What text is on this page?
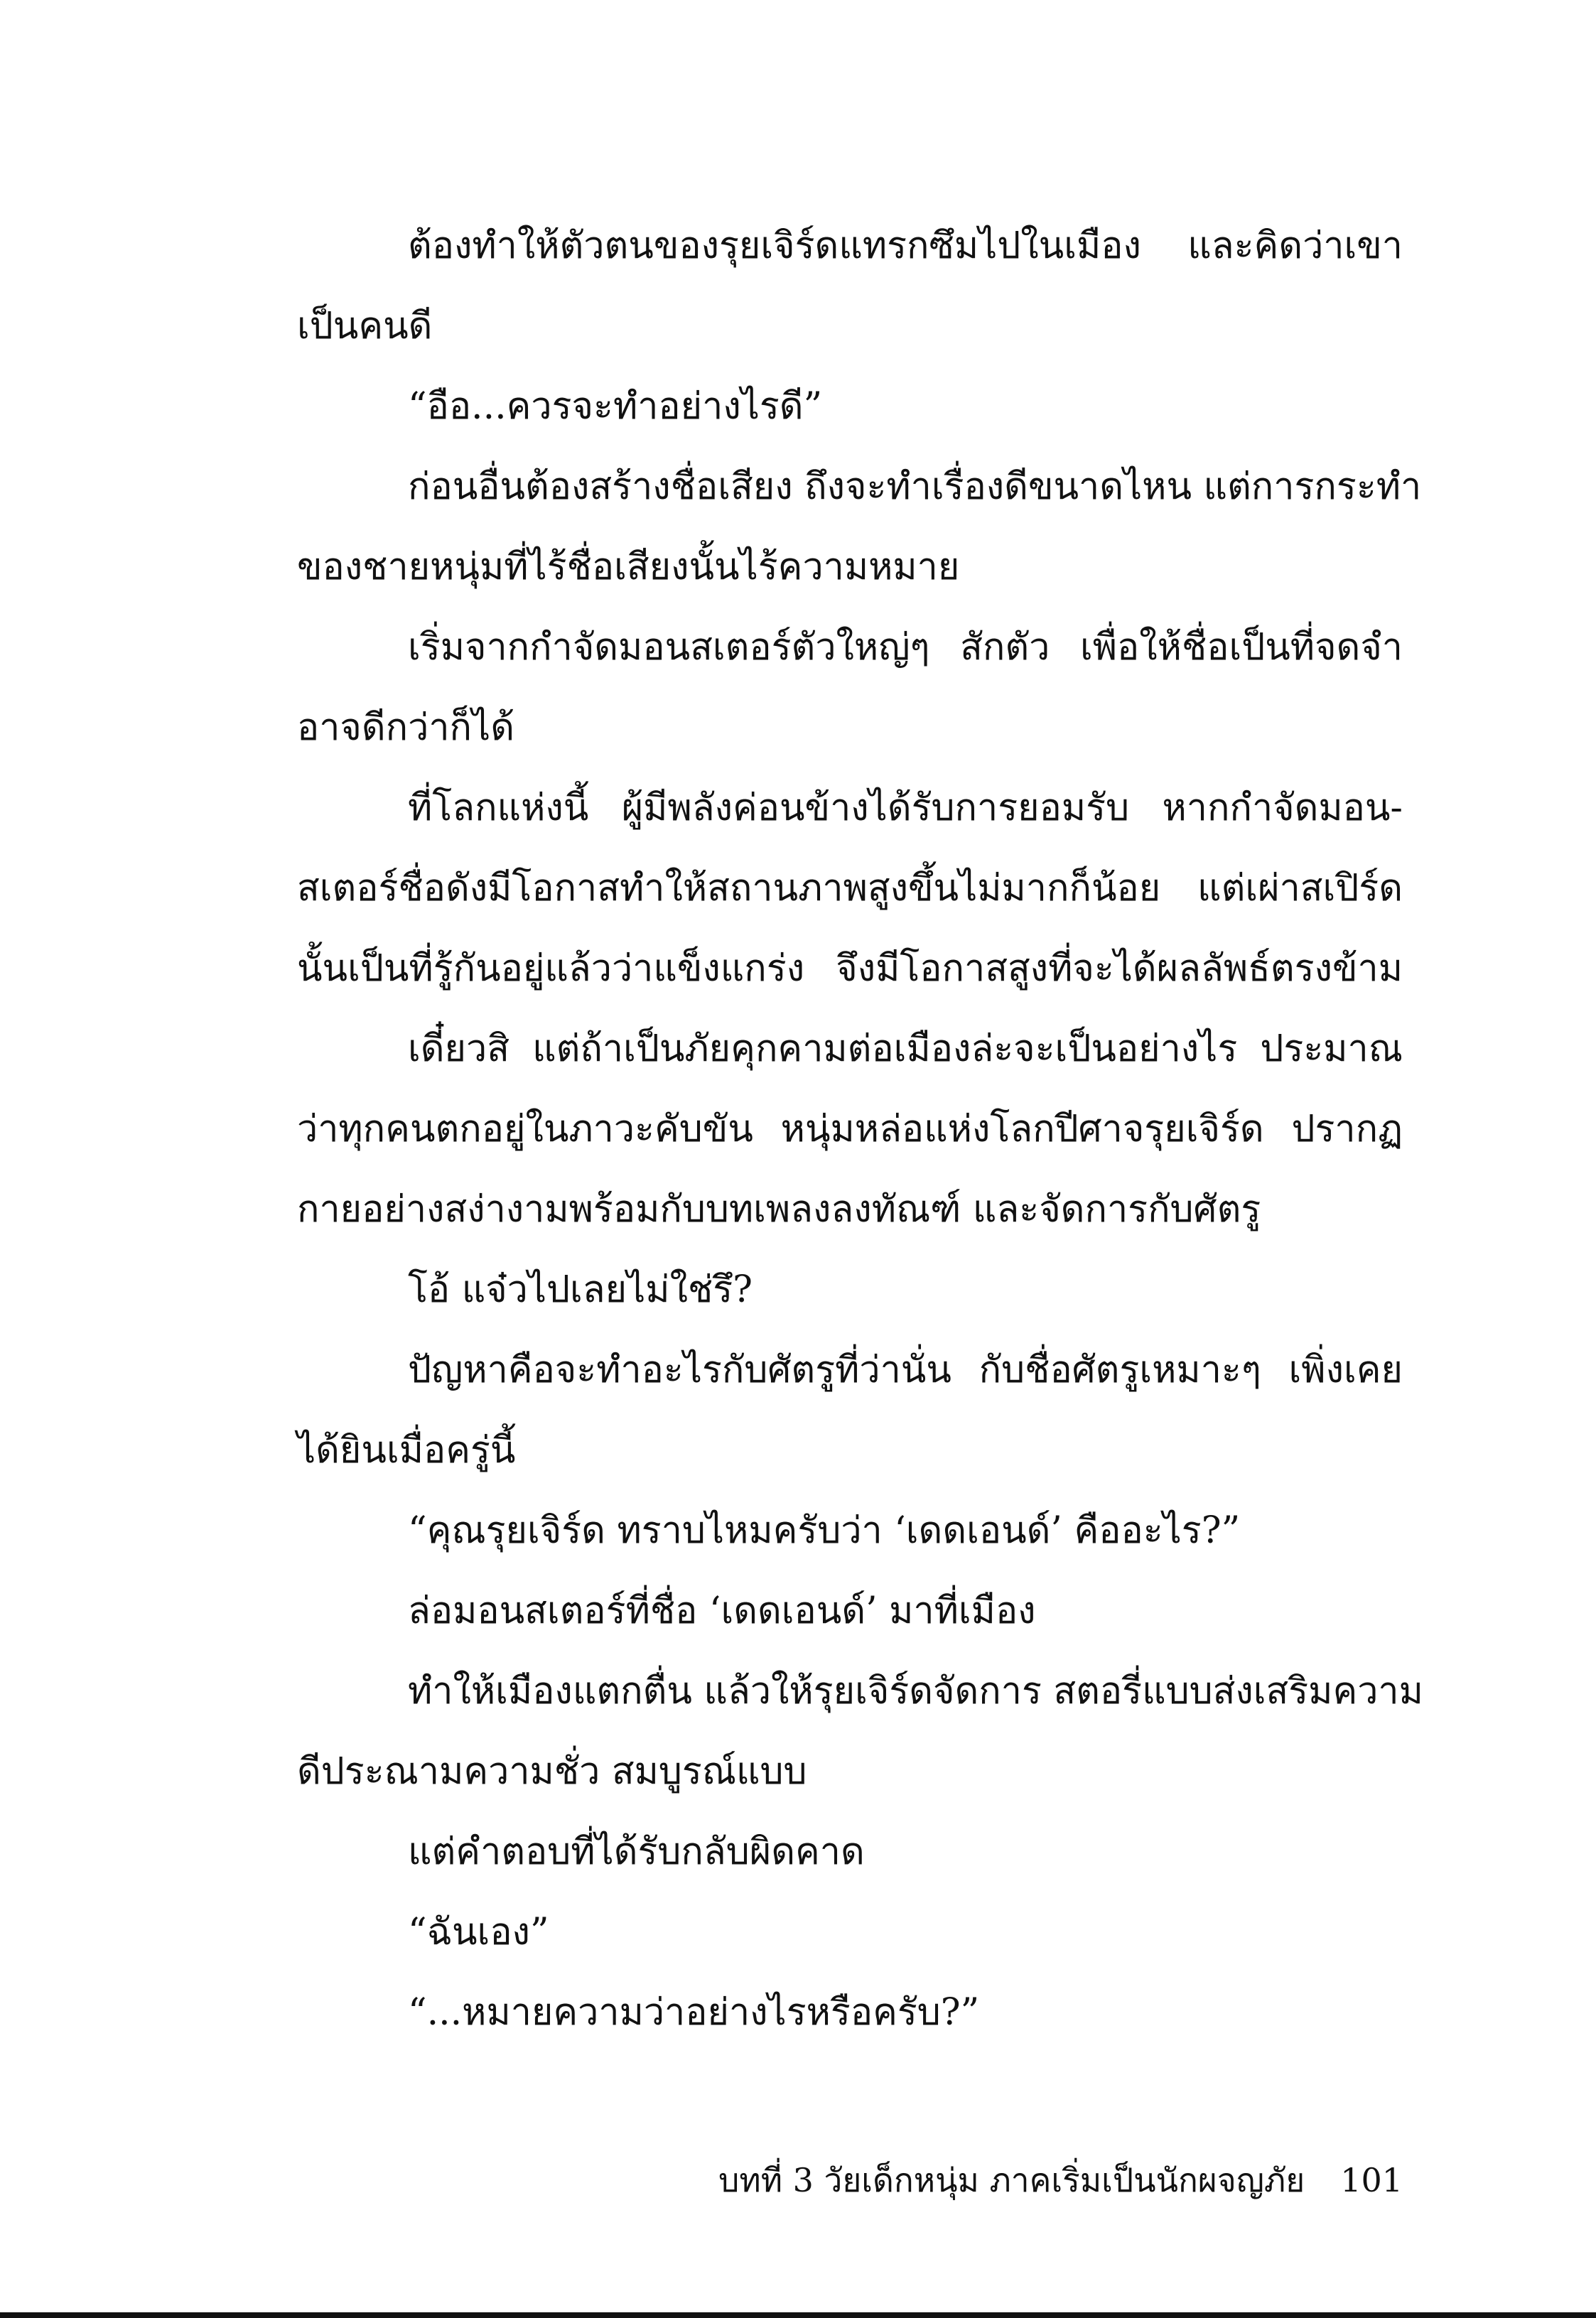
ต้องทำให้ตัวตนของรุยเจิร์ดแทรกซึมไปในเมือง และคิดว่าเขา
เป็นคนดี
“อือ...ควรจะทำอย่างไรดี”
ก่อนอื่นต้องสร้างชื่อเสียง ถึงจะทำเรื่องดีขนาดไหน แต่การกระทำ
ของชายหนุ่มที่ไร้ชื่อเสียงนั้นไร้ความหมาย
เริ่มจากกำจัดมอนสเตอร์ตัวใหญ่ๆ สักตัว เพื่อให้ชื่อเป็นที่จดจำ
อาจดีกว่าก็ได้
ที่โลกแห่งนี้ ผู้มีพลังค่อนข้างได้รับการยอมรับ หากกำจัดมอน-
สเตอร์ชื่อดังมีโอกาสทำให้สถานภาพสูงขึ้นไม่มากก็น้อย แต่เผ่าสเปิร์ด
นั้นเป็นที่รู้กันอยู่แล้วว่าแข็งแกร่ง จึงมีโอกาสสูงที่จะได้ผลลัพธ์ตรงข้าม
เดี๋ยวสิ แต่ถ้าเป็นภัยคุกคามต่อเมืองล่ะจะเป็นอย่างไร ประมาณ
ว่าทุกคนตกอยู่ในภาวะคับขัน หนุ่มหล่อแห่งโลกปีศาจรุยเจิร์ด ปรากฏ
กายอย่างสง่างามพร้อมกับบทเพลงลงทัณฑ์ และจัดการกับศัตรู
โอ้ แจ๋วไปเลยไม่ใช่รึ?
ปัญหาคือจะทำอะไรกับศัตรูที่ว่านั่น กับชื่อศัตรูเหมาะๆ เพิ่งเคย
ได้ยินเมื่อครู่นี้
“คุณรุยเจิร์ด ทราบไหมครับว่า ‘เดดเอนด์’ คืออะไร?”
ล่อมอนสเตอร์ที่ชื่อ ‘เดดเอนด์’ มาที่เมือง
ทำให้เมืองแตกตื่น แล้วให้รุยเจิร์ดจัดการ สตอรี่แบบส่งเสริมความ
ดีประณามความชั่ว สมบูรณ์แบบ
แต่คำตอบที่ได้รับกลับผิดคาด
“ฉันเอง”
“...หมายความว่าอย่างไรหรือครับ?”
บทที่ 3 วัยเด็กหนุ่ม ภาคเริ่มเป็นนักผจญภัย 101
